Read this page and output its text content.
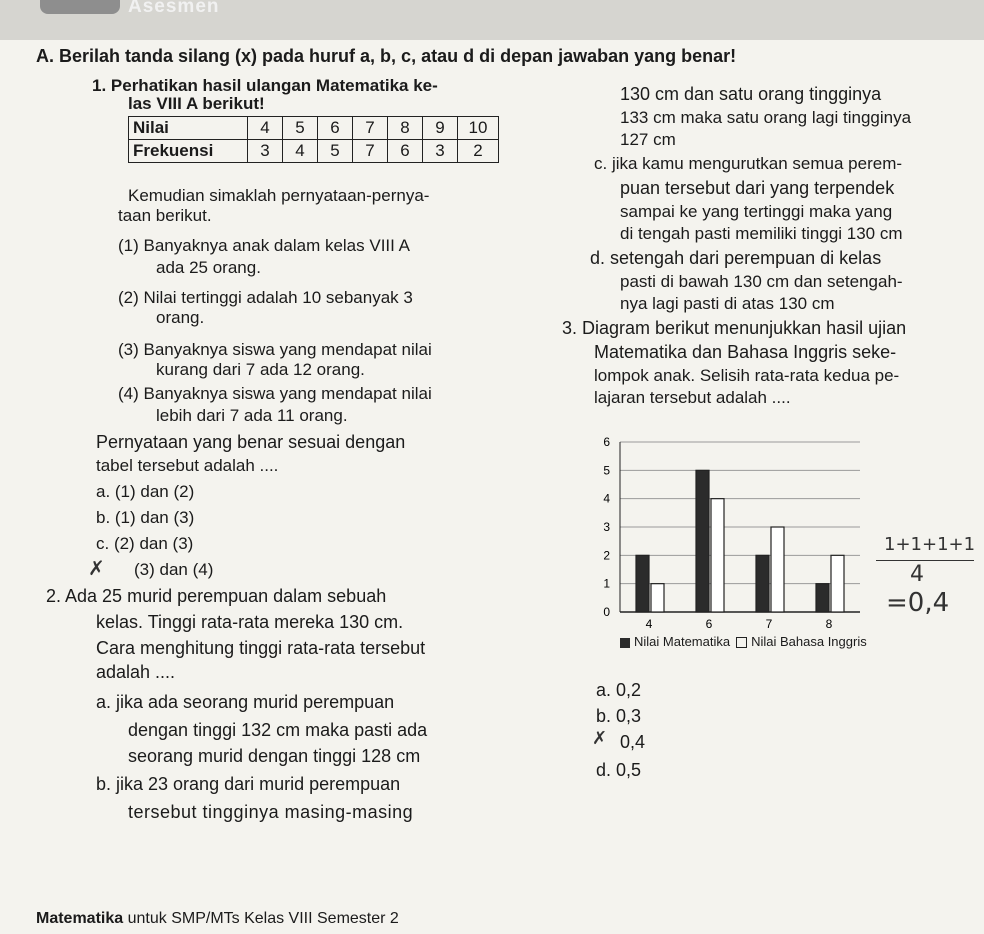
Asesmen
A. Berilah tanda silang (x) pada huruf a, b, c, atau d di depan jawaban yang benar!
1. Perhatikan hasil ulangan Matematika ke-
las VIII A berikut!
Nilai	4	5	6	7	8	9	10
Frekuensi	3	4	5	7	6	3	2
Kemudian simaklah pernyataan-pernya-
taan berikut.
(1) Banyaknya anak dalam kelas VIII A
ada 25 orang.
(2) Nilai tertinggi adalah 10 sebanyak 3
orang.
(3) Banyaknya siswa yang mendapat nilai
kurang dari 7 ada 12 orang.
(4) Banyaknya siswa yang mendapat nilai
lebih dari 7 ada 11 orang.
Pernyataan yang benar sesuai dengan
tabel tersebut adalah ....
a. (1) dan (2)
b. (1) dan (3)
c. (2) dan (3)
✗ (3) dan (4)
2. Ada 25 murid perempuan dalam sebuah
kelas. Tinggi rata-rata mereka 130 cm.
Cara menghitung tinggi rata-rata tersebut
adalah ....
a. jika ada seorang murid perempuan
dengan tinggi 132 cm maka pasti ada
seorang murid dengan tinggi 128 cm
b. jika 23 orang dari murid perempuan
tersebut tingginya masing-masing
130 cm dan satu orang tingginya
133 cm maka satu orang lagi tingginya
127 cm
c. jika kamu mengurutkan semua perem-
puan tersebut dari yang terpendek
sampai ke yang tertinggi maka yang
di tengah pasti memiliki tinggi 130 cm
d. setengah dari perempuan di kelas
pasti di bawah 130 cm dan setengah-
nya lagi pasti di atas 130 cm
3. Diagram berikut menunjukkan hasil ujian
Matematika dan Bahasa Inggris seke-
lompok anak. Selisih rata-rata kedua pe-
lajaran tersebut adalah ....
0
1
2
3
4
5
6
4	6	7	8
Nilai Matematika Nilai Bahasa Inggris
a. 0,2
b. 0,3
✗ 0,4
d. 0,5
1+1+1+1
4
=0,4
Matematika untuk SMP/MTs Kelas VIII Semester 2
